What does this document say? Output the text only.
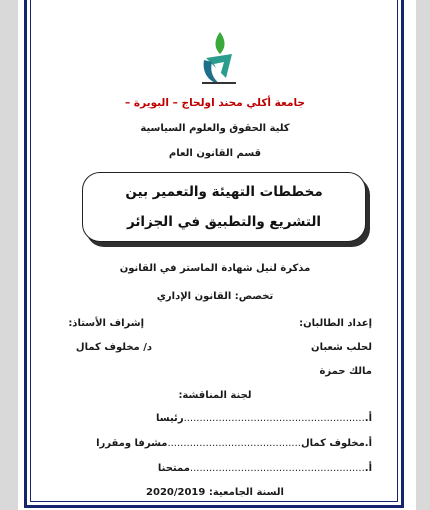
جامعة أكلي محند اولحاج – البويرة –
كلية الحقوق والعلوم السياسية
قسم القانون العام
مخططات التهيئة والتعمير بين التشريع والتطبيق في الجزائر
مذكرة لنيل شهادة الماستر في القانون
تخصص: القانون الإداري
إعداد الطالبان:
إشراف الأستاذ:
لحلب شعبان
د/ مخلوف كمال
مالك حمزة
لجنة المناقشة:
أ..........................................................رئيسا
أ.مخلوف كمال..........................................مشرفا ومقررا
أ........................................................ممتحنا
السنة الجامعية: 2020/2019
